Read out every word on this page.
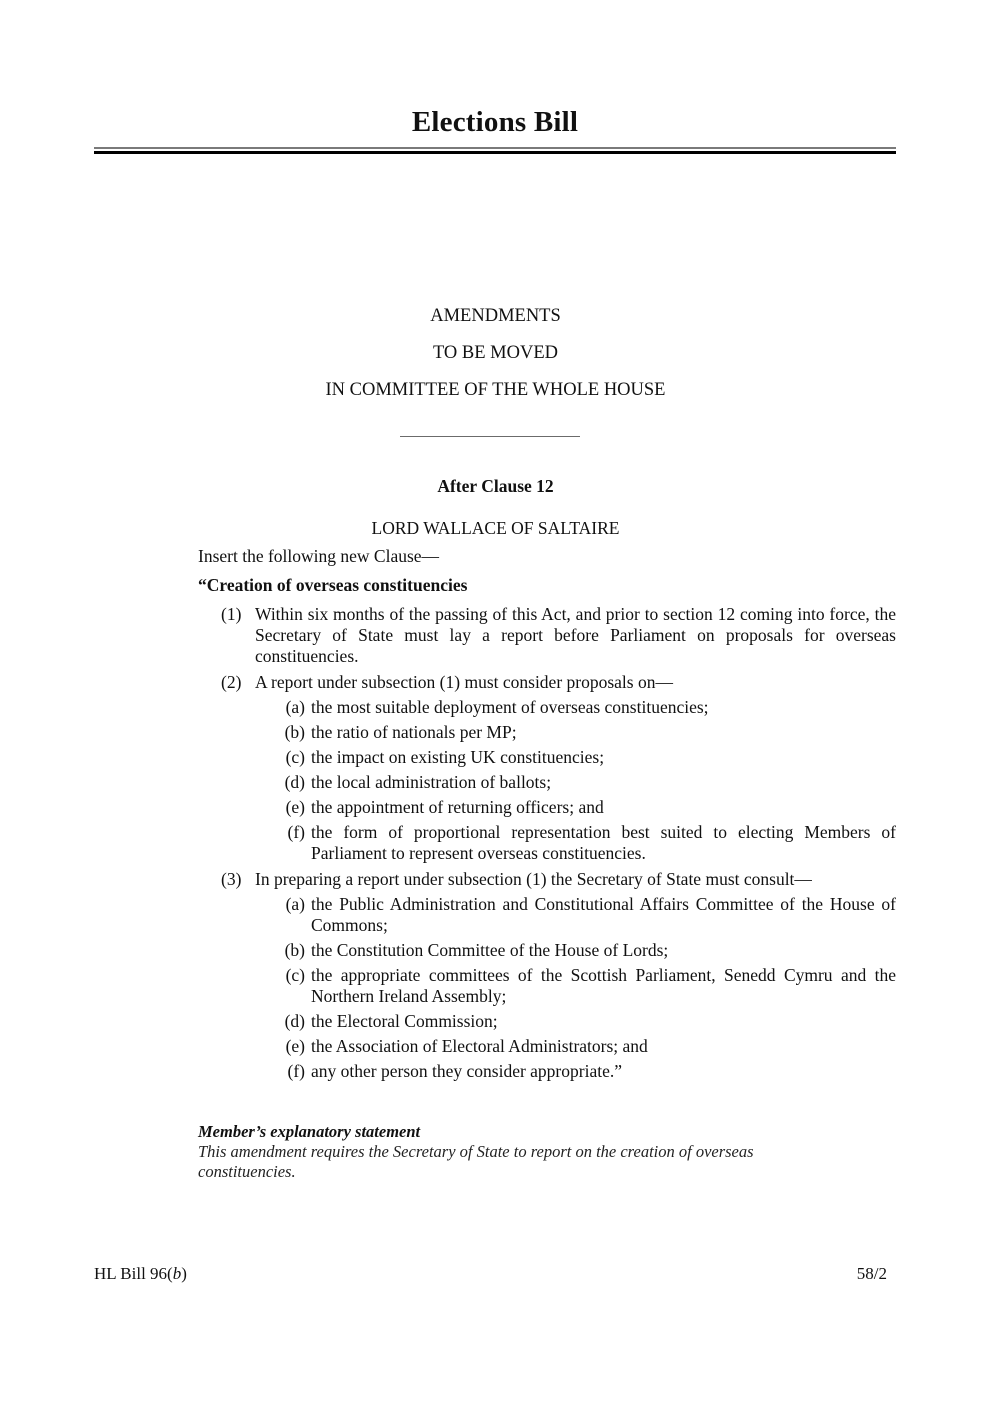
Elections Bill
AMENDMENTS
TO BE MOVED
IN COMMITTEE OF THE WHOLE HOUSE
After Clause 12
LORD WALLACE OF SALTAIRE
Insert the following new Clause—
“Creation of overseas constituencies
(1) Within six months of the passing of this Act, and prior to section 12 coming into force, the Secretary of State must lay a report before Parliament on proposals for overseas constituencies.
(2) A report under subsection (1) must consider proposals on—
(a) the most suitable deployment of overseas constituencies;
(b) the ratio of nationals per MP;
(c) the impact on existing UK constituencies;
(d) the local administration of ballots;
(e) the appointment of returning officers; and
(f) the form of proportional representation best suited to electing Members of Parliament to represent overseas constituencies.
(3) In preparing a report under subsection (1) the Secretary of State must consult—
(a) the Public Administration and Constitutional Affairs Committee of the House of Commons;
(b) the Constitution Committee of the House of Lords;
(c) the appropriate committees of the Scottish Parliament, Senedd Cymru and the Northern Ireland Assembly;
(d) the Electoral Commission;
(e) the Association of Electoral Administrators; and
(f) any other person they consider appropriate.”
Member’s explanatory statement
This amendment requires the Secretary of State to report on the creation of overseas constituencies.
HL Bill 96(b)	58/2
